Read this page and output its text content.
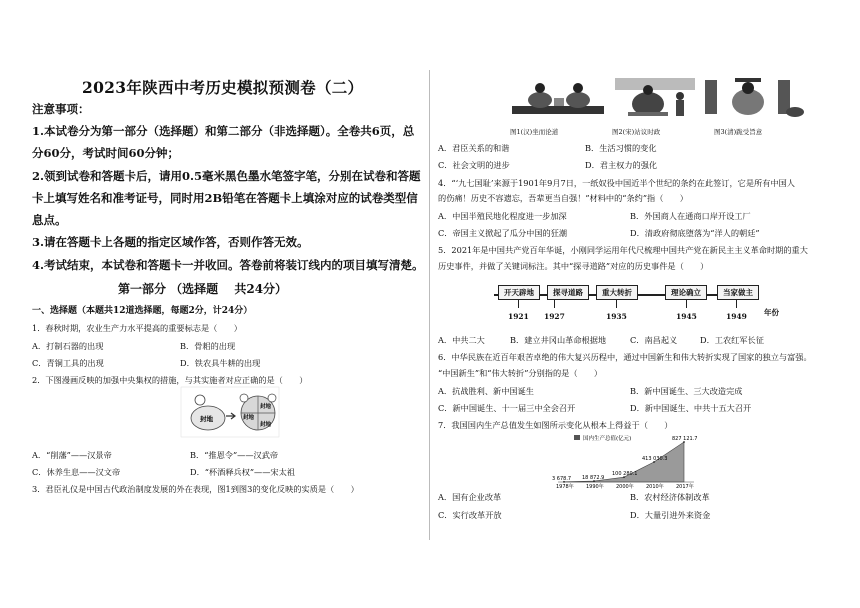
2023年陕西中考历史模拟预测卷（二）
注意事项：
1.本试卷分为第一部分（选择题）和第二部分（非选择题）。全卷共6页，总
分60分，考试时间60分钟；
2.领到试卷和答题卡后，请用0.5毫米黑色墨水笔签字笔，分别在试卷和答题
卡上填写姓名和准考证号，同时用2B铅笔在答题卡上填涂对应的试卷类型信
息点。
3.请在答题卡上各题的指定区域作答，否则作答无效。
4.考试结束，本试卷和答题卡一并收回。答卷前将装订线内的项目填写清楚。
第一部分 （选择题　 共24分）
一、选择题（本题共12道选择题，每题2分，计24分）
1．春秋时期，农业生产力水平提高的重要标志是（　　）
A．打制石器的出现	B．骨耜的出现
C．青铜工具的出现	D．铁农具牛耕的出现
2．下图漫画反映的加强中央集权的措施，与其实施者对应正确的是（　　）
封地
封地
封地
封地
A．“削藩”——汉景帝	B．“推恩令”——汉武帝
C．休养生息——汉文帝	D．“杯酒释兵权”——宋太祖
3．君臣礼仪是中国古代政治制度发展的外在表现，图1到图3的变化反映的实质是（　　）
图1(汉)坐而论道	图2(宋)站议时政	图3(清)跪受旨意
A．君臣关系的和谐	B．生活习惯的变化
C．社会文明的进步	D．君主权力的强化
4．“‘九七国耻’来源于1901年9月7日，一纸奴役中国近半个世纪的条约在此签订，它是所有中国人
的伤痛！历史不容遗忘，吾辈更当自强！”材料中的“条约”指（　　）
A．中国半殖民地化程度进一步加深	B．外国商人在通商口岸开设工厂
C．帝国主义掀起了瓜分中国的狂潮	D．清政府彻底堕落为“洋人的朝廷”
5．2021年是中国共产党百年华诞，小刚同学运用年代尺梳理中国共产党在新民主主义革命时期的重大
历史事件，并做了关键词标注。其中“探寻道路”对应的历史事件是（　　）
年份
开天辟地	探寻道路	重大转折	理论确立	当家做主
1921 1927	1935	1945	1949
A．中共二大	B．建立井冈山革命根据地	C．南昌起义	D．工农红军长征
6．中华民族在近百年艰苦卓绝的伟大复兴历程中，通过中国新生和伟大转折实现了国家的独立与富强。
“中国新生”和“伟大转折”分别指的是（　　）
A．抗战胜利、新中国诞生	B．新中国诞生、三大改造完成
C．新中国诞生、十一届三中全会召开	D．新中国诞生、中共十五大召开
7．我国国内生产总值发生如图所示变化从根本上得益于（　　）
国内生产总值(亿元)
3 678.7
1978年
18 872.9
1990年
100 280.1
2000年
413 030.3
2010年
827 121.7
2017年
A．国有企业改革	B．农村经济体制改革
C．实行改革开放	D．大量引进外来资金
